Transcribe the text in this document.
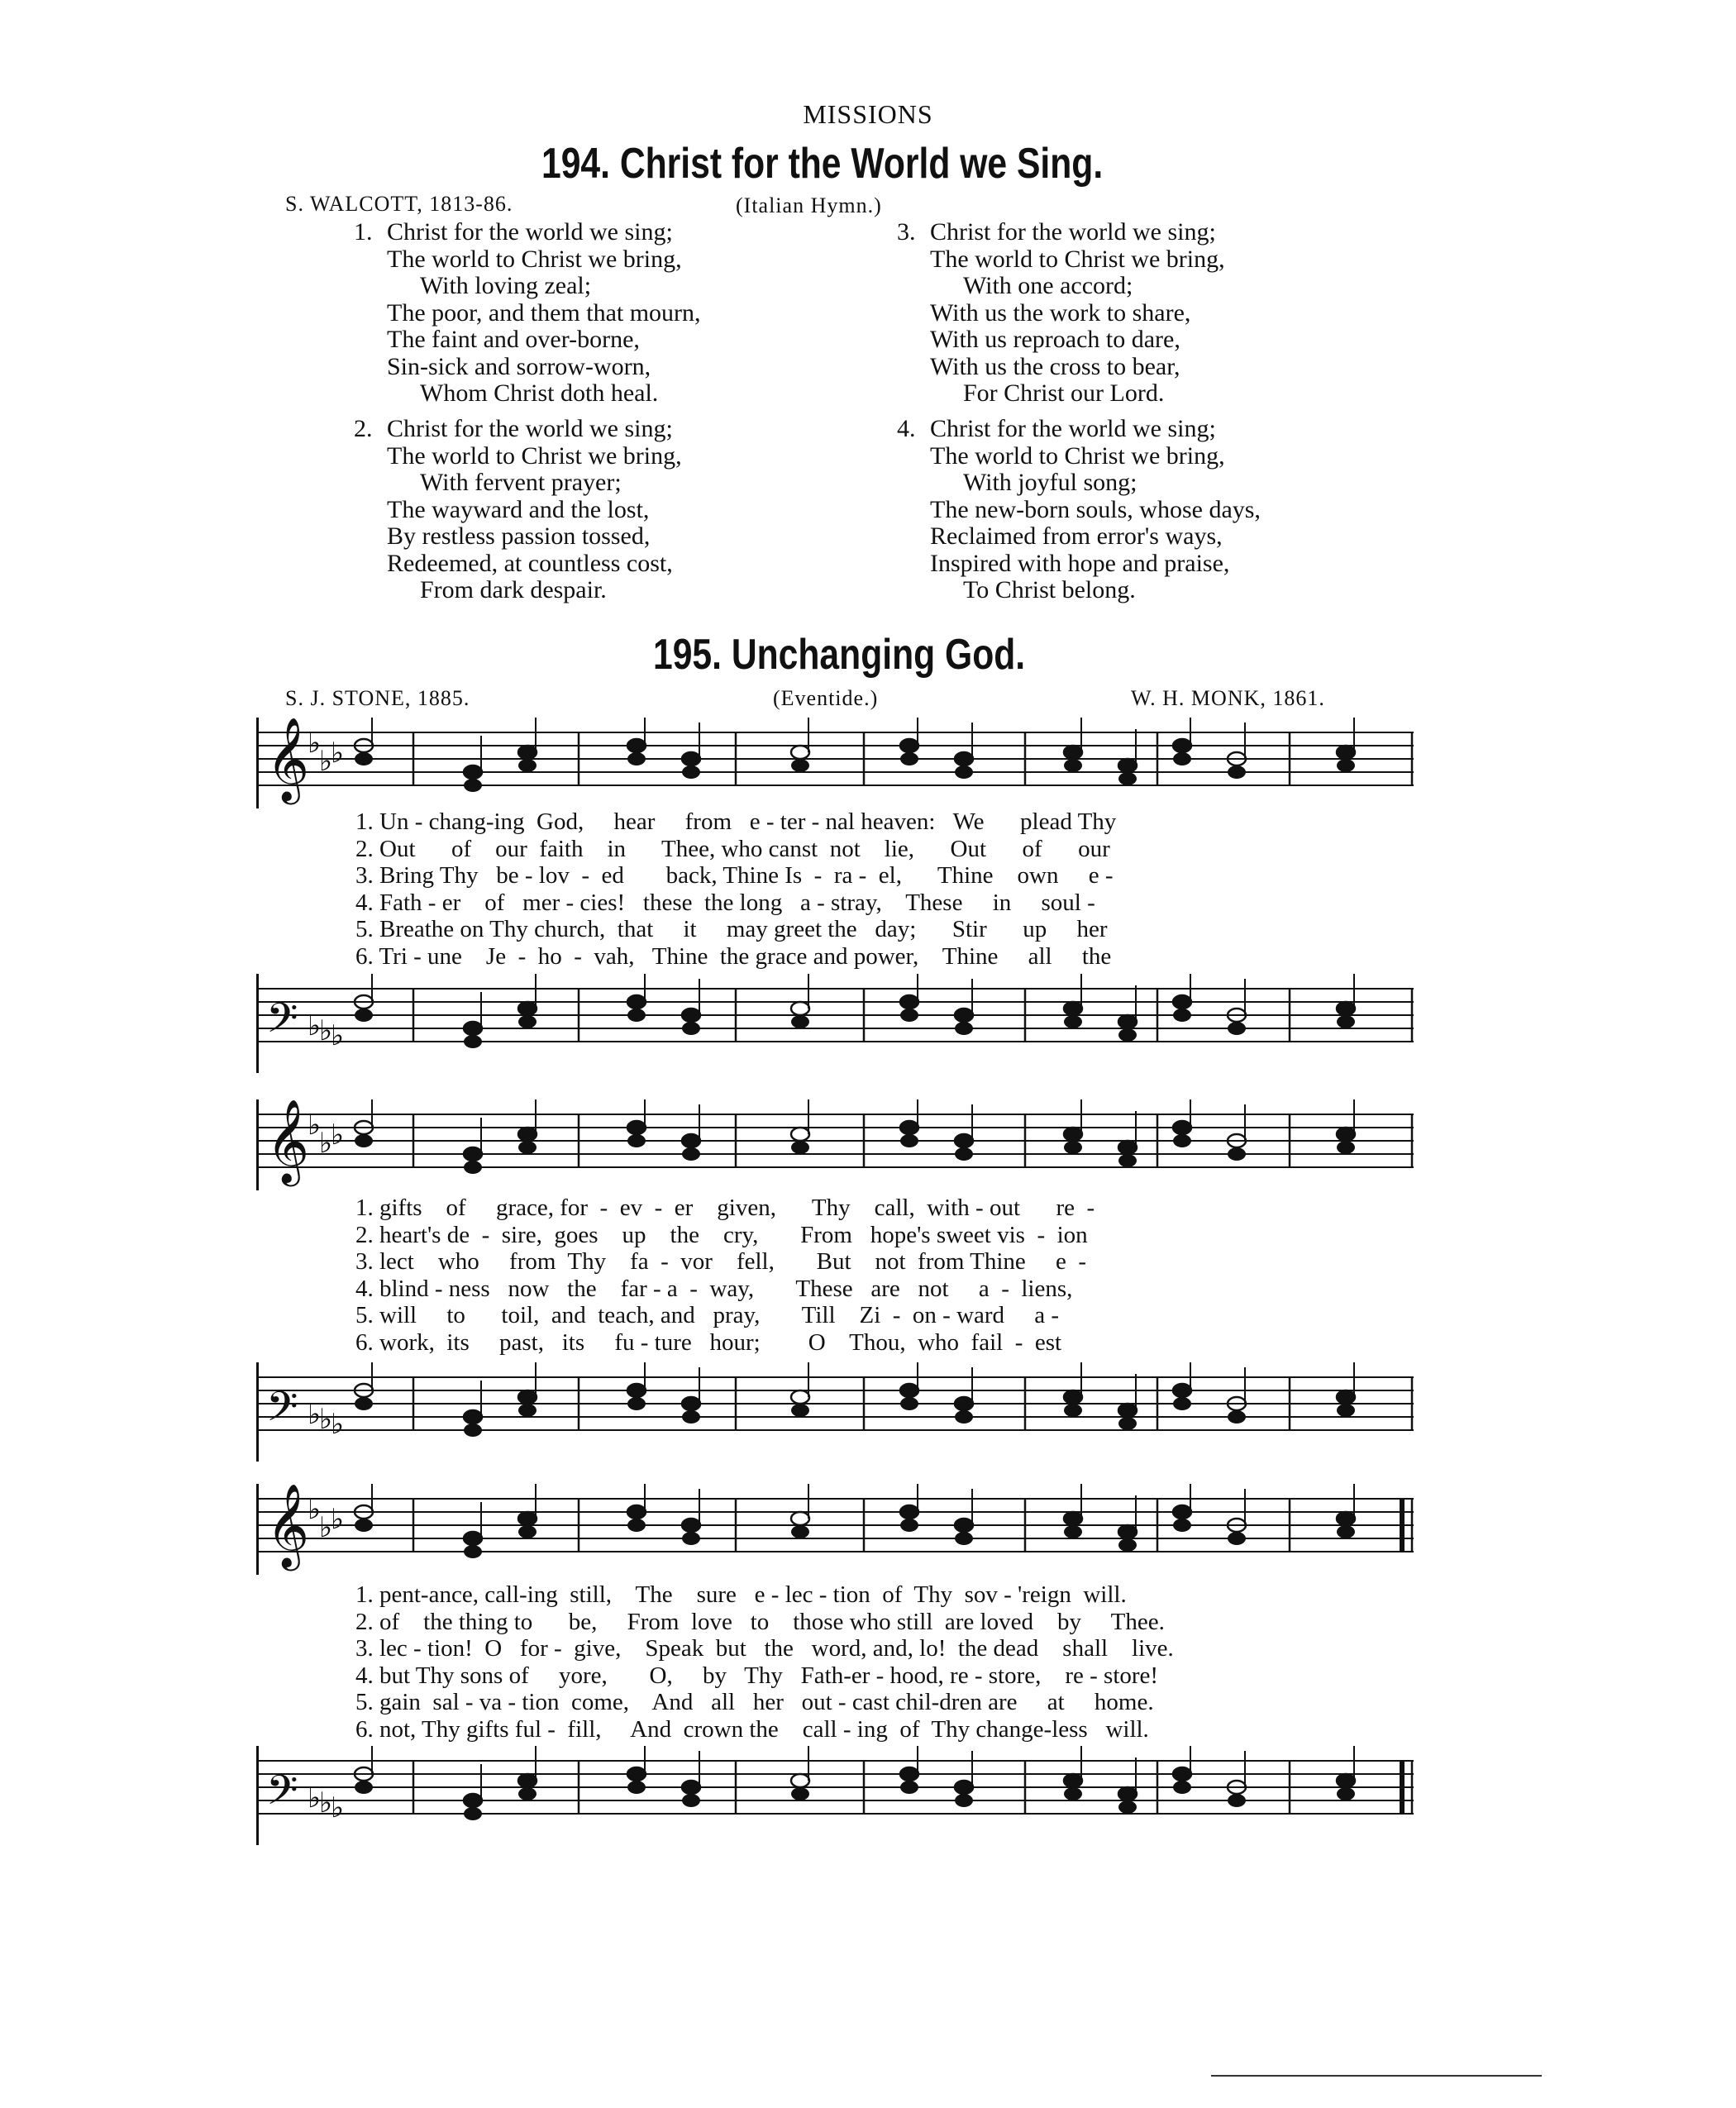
MISSIONS
194. Christ for the World we Sing.
S. WALCOTT, 1813-86.	(Italian Hymn.)
1. Christ for the world we sing;
The world to Christ we bring,
With loving zeal;
The poor, and them that mourn,
The faint and over-borne,
Sin-sick and sorrow-worn,
Whom Christ doth heal.
2. Christ for the world we sing;
The world to Christ we bring,
With fervent prayer;
The wayward and the lost,
By restless passion tossed,
Redeemed, at countless cost,
From dark despair.
3. Christ for the world we sing;
The world to Christ we bring,
With one accord;
With us the work to share,
With us reproach to dare,
With us the cross to bear,
For Christ our Lord.
4. Christ for the world we sing;
The world to Christ we bring,
With joyful song;
The new-born souls, whose days,
Reclaimed from error's ways,
Inspired with hope and praise,
To Christ belong.
195. Unchanging God.
S. J. STONE, 1885.	(Eventide.)	W. H. MONK, 1861.
𝄞
♭
♭
♭
1. Un - chang-ing  God,     hear     from   e - ter - nal heaven:   We      plead Thy
2. Out      of    our  faith    in      Thee, who canst  not    lie,      Out      of      our
3. Bring Thy   be - lov  -  ed       back, Thine Is  -  ra -  el,      Thine    own     e -
4. Fath - er    of   mer - cies!   these  the long   a - stray,    These     in     soul -
5. Breathe on Thy church,  that     it     may greet the   day;      Stir      up     her
6. Tri - une    Je  -  ho  -  vah,   Thine  the grace and power,    Thine     all     the
𝄢 ♭
♭
♭
𝄞
♭
♭
♭
1. gifts    of     grace, for  -  ev  -  er    given,      Thy    call,  with - out      re  -
2. heart's de  -  sire,  goes    up    the    cry,       From   hope's sweet vis  -  ion
3. lect    who     from  Thy    fa  -  vor    fell,       But    not  from Thine     e  -
4. blind - ness   now   the    far - a  -  way,       These   are   not     a  -  liens,
5. will     to      toil,  and  teach, and   pray,       Till    Zi  -  on - ward     a -
6. work,  its     past,   its     fu - ture   hour;        O    Thou,  who  fail  -  est
𝄢 ♭
♭
♭
𝄞
♭
♭
♭
1. pent-ance, call-ing  still,    The    sure   e - lec - tion  of  Thy  sov - 'reign  will.
2. of    the thing to      be,     From  love   to    those who still  are loved    by     Thee.
3. lec - tion!  O   for -  give,    Speak  but   the   word, and, lo!  the dead    shall    live.
4. but Thy sons of     yore,       O,     by   Thy   Fath-er - hood, re - store,    re - store!
5. gain  sal - va - tion  come,    And   all   her   out - cast chil-dren are     at     home.
6. not, Thy gifts ful -  fill,     And  crown the    call - ing  of  Thy change-less   will.
𝄢 ♭
♭
♭
